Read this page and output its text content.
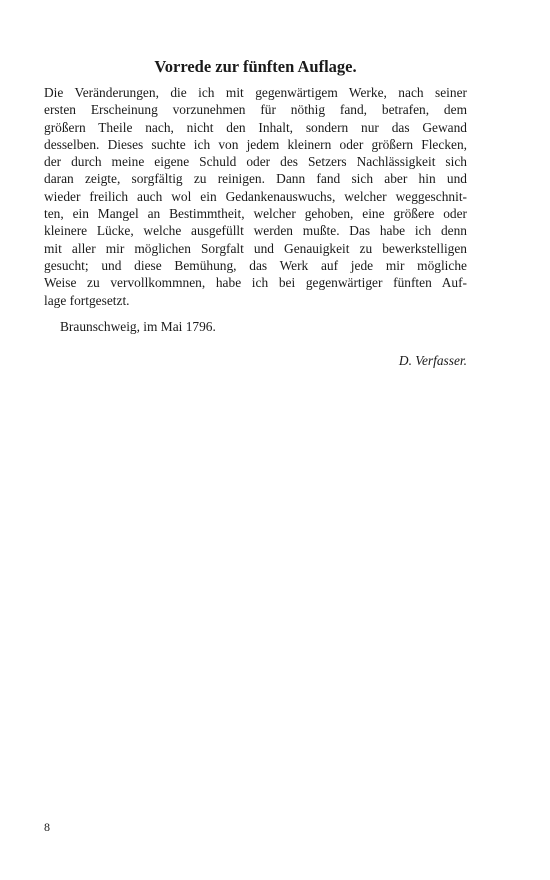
Vorrede zur fünften Auflage.
Die Veränderungen, die ich mit gegenwärtigem Werke, nach seiner
ersten Erscheinung vorzunehmen für nöthig fand, betrafen, dem
größern Theile nach, nicht den Inhalt, sondern nur das Gewand
desselben. Dieses suchte ich von jedem kleinern oder größern Flecken,
der durch meine eigene Schuld oder des Setzers Nachlässigkeit sich
daran zeigte, sorgfältig zu reinigen. Dann fand sich aber hin und
wieder freilich auch wol ein Gedankenauswuchs, welcher weggeschnit-
ten, ein Mangel an Bestimmtheit, welcher gehoben, eine größere oder
kleinere Lücke, welche ausgefüllt werden mußte. Das habe ich denn
mit aller mir möglichen Sorgfalt und Genauigkeit zu bewerkstelligen
gesucht; und diese Bemühung, das Werk auf jede mir mögliche
Weise zu vervollkommnen, habe ich bei gegenwärtiger fünften Auf-
lage fortgesetzt.
Braunschweig, im Mai 1796.
D. Verfasser.
8
